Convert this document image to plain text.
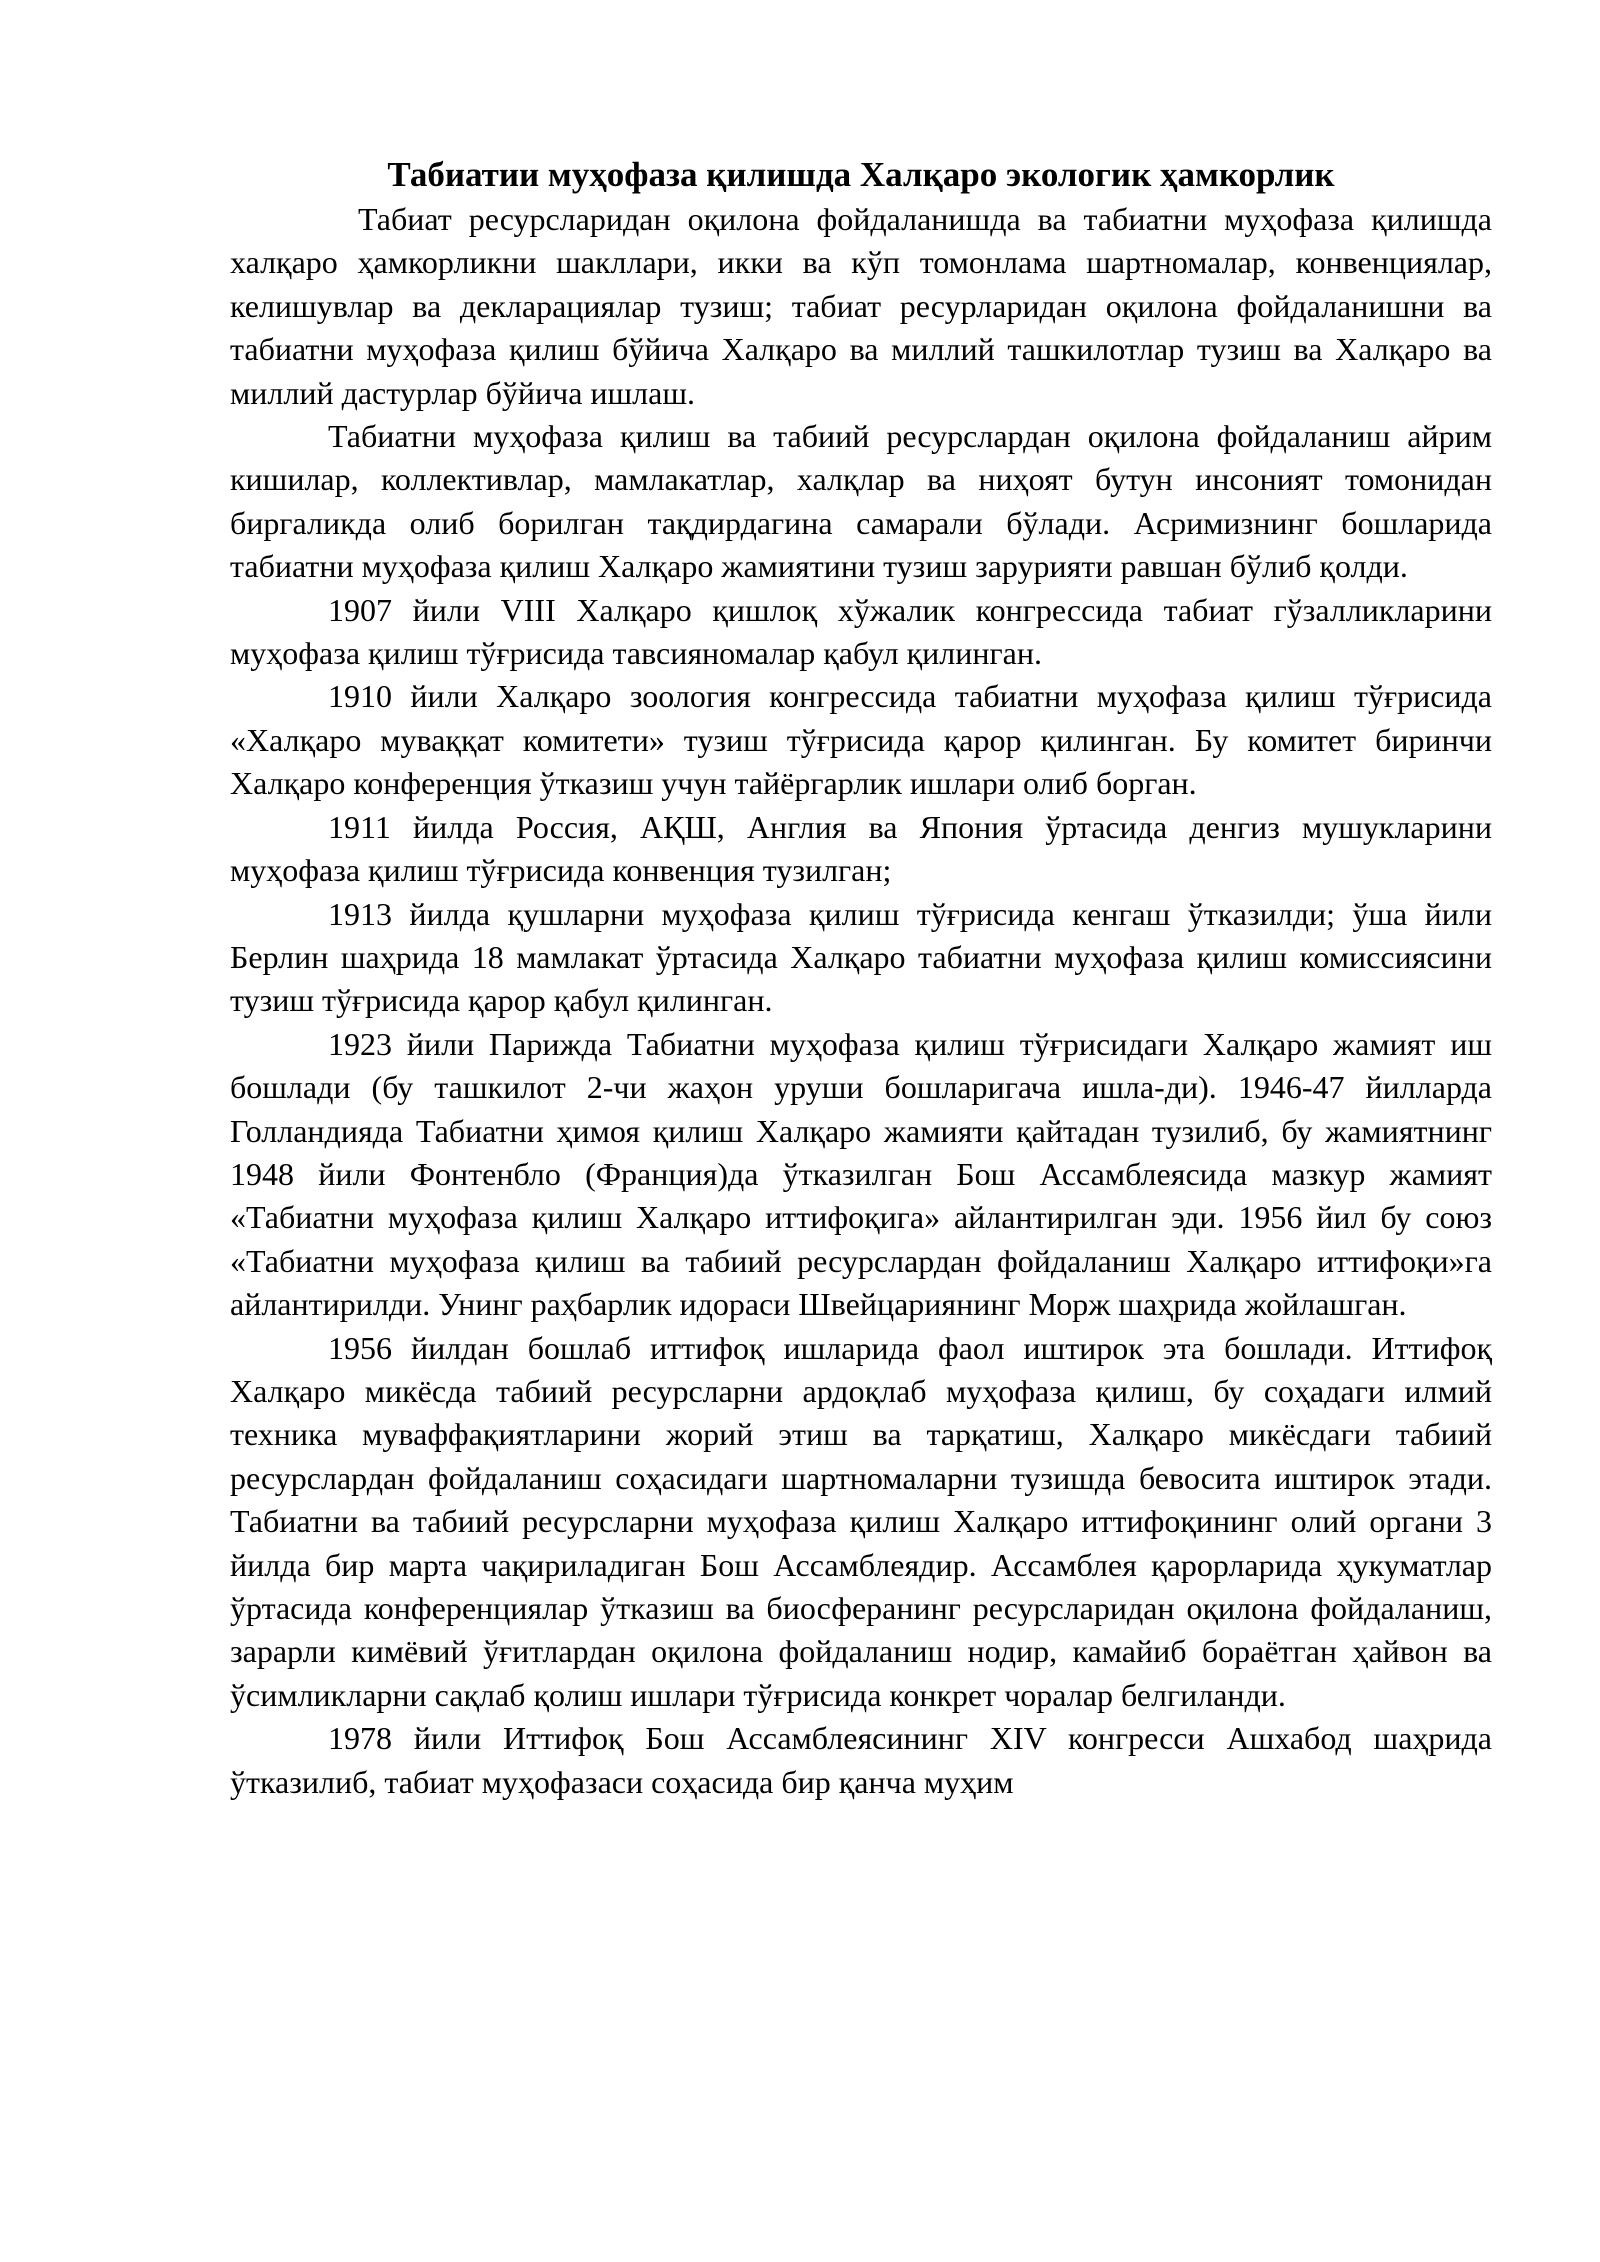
Табиатии муҳофаза қилишда Халқаро экологик ҳамкорлик

Табиат ресурсларидан оқилона фойдаланишда ва табиатни муҳофаза қилишда халқаро ҳамкорликни шакллари, икки ва кўп томонлама шартномалар, конвенциялар, келишувлар ва декларациялар тузиш; табиат ресурларидан оқилона фойдаланишни ва табиатни муҳофаза қилиш бўйича Халқаро ва миллий ташкилотлар тузиш ва Халқаро ва миллий дастурлар бўйича ишлаш.

Табиатни муҳофаза қилиш ва табиий ресурслардан оқилона фойдаланиш айрим кишилар, коллективлар, мамлакатлар, халқлар ва ниҳоят бутун инсоният томонидан биргаликда олиб борилган тақдирдагина самарали бўлади. Асримизнинг бошларида табиатни муҳофаза қилиш Халқаро жамиятини тузиш зарурияти равшан бўлиб қолди.

1907 йили VIII Халқаро қишлоқ хўжалик конгрессида табиат гўзалликларини муҳофаза қилиш тўғрисида тавсияномалар қабул қилинган.

1910 йили Халқаро зоология конгрессида табиатни муҳофаза қилиш тўғрисида «Халқаро муваққат комитети» тузиш тўғрисида қарор қилинган. Бу комитет биринчи Халқаро конференция ўтказиш учун тайёргарлик ишлари олиб борган.

1911 йилда Россия, АҚШ, Англия ва Япония ўртасида денгиз мушукларини муҳофаза қилиш тўғрисида конвенция тузилган;

1913 йилда қушларни муҳофаза қилиш тўғрисида кенгаш ўтказилди; ўша йили Берлин шаҳрида 18 мамлакат ўртасида Халқаро табиатни муҳофаза қилиш комиссиясини тузиш тўғрисида қарор қабул қилинган.

1923 йили Парижда Табиатни муҳофаза қилиш тўғрисидаги Халқаро жамият иш бошлади (бу ташкилот 2-чи жаҳон уруши бошларигача ишла-ди). 1946-47 йилларда Голландияда Табиатни ҳимоя қилиш Халқаро жамияти қайтадан тузилиб, бу жамиятнинг 1948 йили Фонтенбло (Франция)да ўтказилган Бош Ассамблеясида мазкур жамият «Табиатни муҳофаза қилиш Халқаро иттифоқига» айлантирилган эди. 1956 йил бу союз «Табиатни муҳофаза қилиш ва табиий ресурслардан фойдаланиш Халқаро иттифоқи»га айлантирилди. Унинг раҳбарлик идораси Швейцариянинг Морж шаҳрида жойлашган.

1956 йилдан бошлаб иттифоқ ишларида фаол иштирок эта бошлади. Иттифоқ Халқаро микёсда табиий ресурсларни ардоқлаб муҳофаза қилиш, бу соҳадаги илмий техника муваффақиятларини жорий этиш ва тарқатиш, Халқаро микёсдаги табиий ресурслардан фойдаланиш соҳасидаги шартномаларни тузишда бевосита иштирок этади. Табиатни ва табиий ресурсларни муҳофаза қилиш Халқаро иттифоқининг олий органи 3 йилда бир марта чақириладиган Бош Ассамблеядир. Ассамблея қарорларида ҳукуматлар ўртасида конференциялар ўтказиш ва биосферанинг ресурсларидан оқилона фойдаланиш, зарарли кимёвий ўғитлардан оқилона фойдаланиш нодир, камайиб бораётган ҳайвон ва ўсимликларни сақлаб қолиш ишлари тўғрисида конкрет чоралар белгиланди.

1978 йили Иттифоқ Бош Ассамблеясининг XIV конгресси Ашхабод шаҳрида ўтказилиб, табиат муҳофазаси соҳасида бир қанча муҳим
